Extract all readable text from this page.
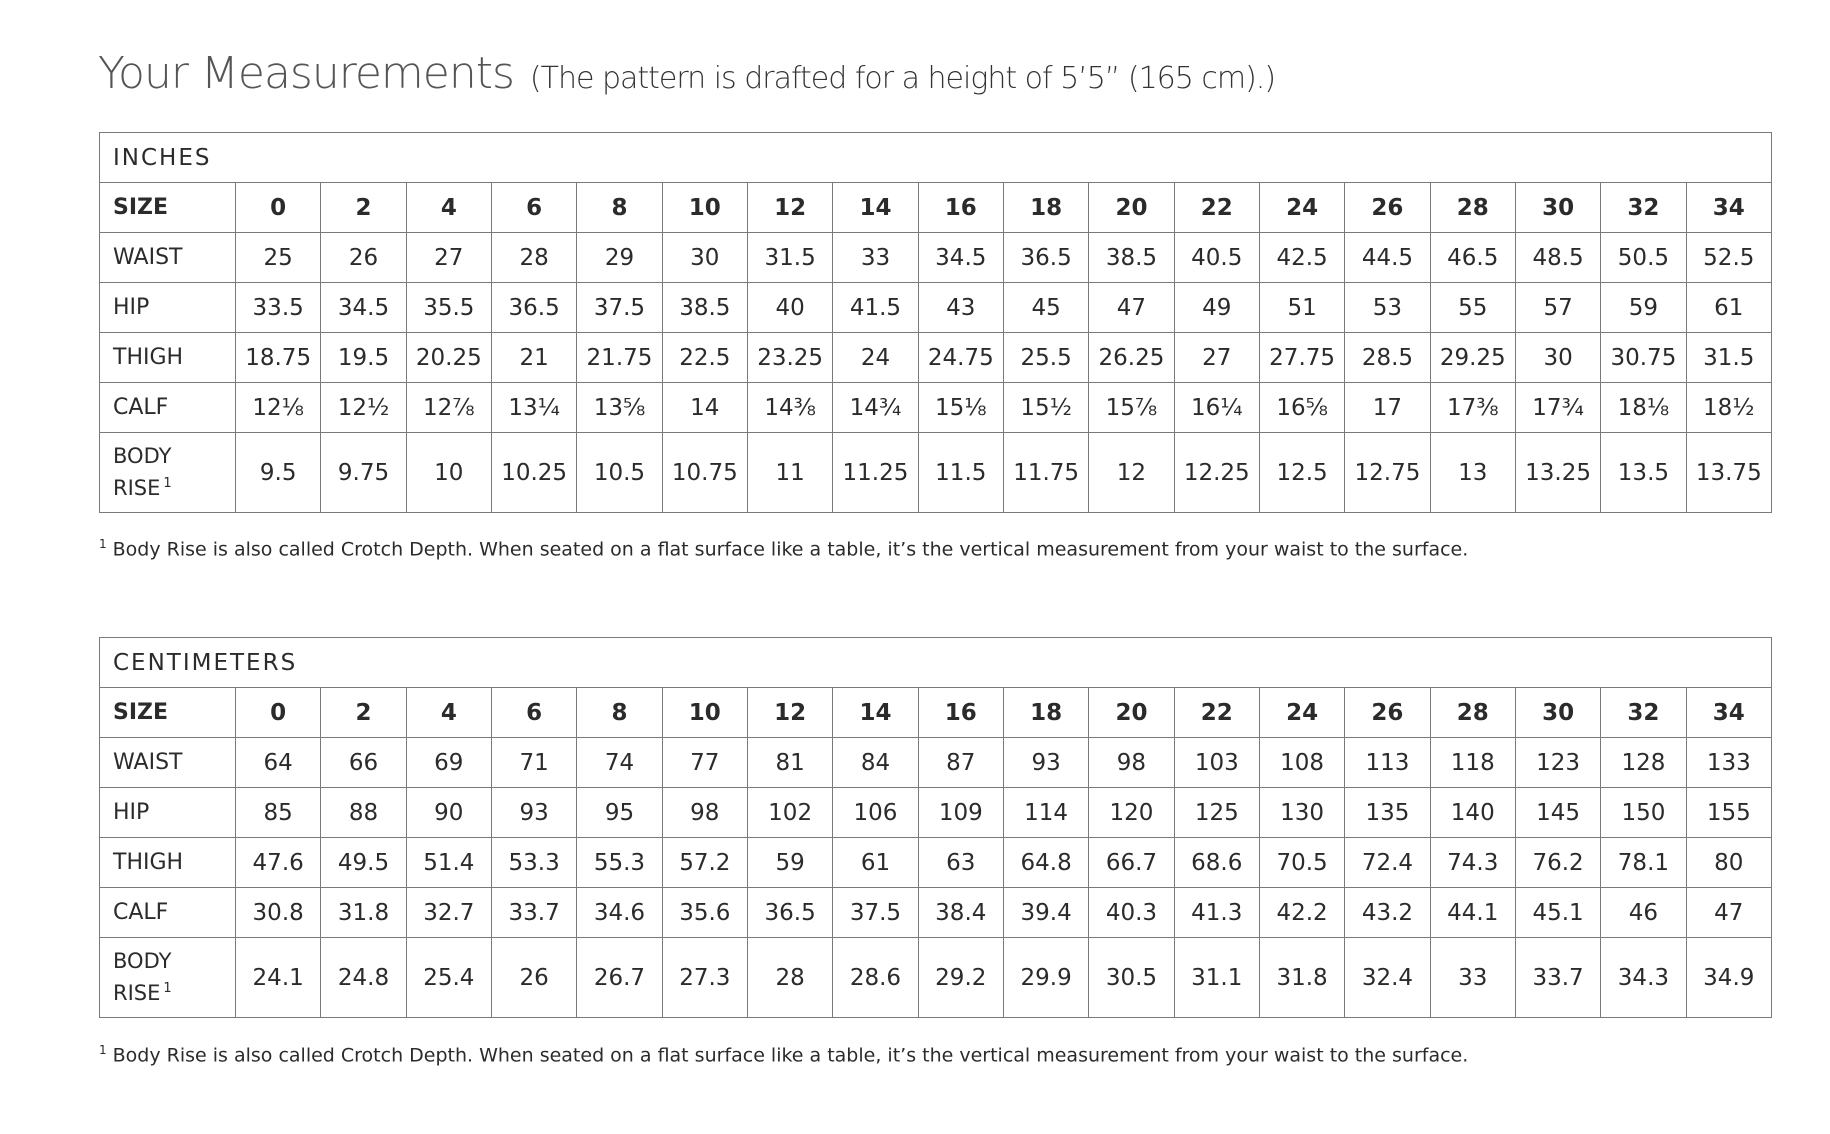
Your Measurements (The pattern is drafted for a height of 5’5” (165 cm).)
INCHES																		
SIZE	0	2	4	6	8	10	12	14	16	18	20	22	24	26	28	30	32	34
WAIST	25	26	27	28	29	30	31.5	33	34.5	36.5	38.5	40.5	42.5	44.5	46.5	48.5	50.5	52.5
HIP	33.5	34.5	35.5	36.5	37.5	38.5	40	41.5	43	45	47	49	51	53	55	57	59	61
THIGH	18.75	19.5	20.25	21	21.75	22.5	23.25	24	24.75	25.5	26.25	27	27.75	28.5	29.25	30	30.75	31.5
CALF	12⅛	12½	12⅞	13¼	13⅝	14	14⅜	14¾	15⅛	15½	15⅞	16¼	16⅝	17	17⅜	17¾	18⅛	18½

BODY
RISE $^1$	9.5	9.75	10	10.25	10.5	10.75	11	11.25	11.5	11.75	12	12.25	12.5	12.75	13	13.25	13.5	13.75
$^1$ Body Rise is also called Crotch Depth. When seated on a flat surface like a table, it’s the vertical measurement from your waist to the surface.
CENTIMETERS																		
SIZE	0	2	4	6	8	10	12	14	16	18	20	22	24	26	28	30	32	34
WAIST	64	66	69	71	74	77	81	84	87	93	98	103	108	113	118	123	128	133
HIP	85	88	90	93	95	98	102	106	109	114	120	125	130	135	140	145	150	155
THIGH	47.6	49.5	51.4	53.3	55.3	57.2	59	61	63	64.8	66.7	68.6	70.5	72.4	74.3	76.2	78.1	80
CALF	30.8	31.8	32.7	33.7	34.6	35.6	36.5	37.5	38.4	39.4	40.3	41.3	42.2	43.2	44.1	45.1	46	47

BODY
RISE $^1$	24.1	24.8	25.4	26	26.7	27.3	28	28.6	29.2	29.9	30.5	31.1	31.8	32.4	33	33.7	34.3	34.9
$^1$ Body Rise is also called Crotch Depth. When seated on a flat surface like a table, it’s the vertical measurement from your waist to the surface.
